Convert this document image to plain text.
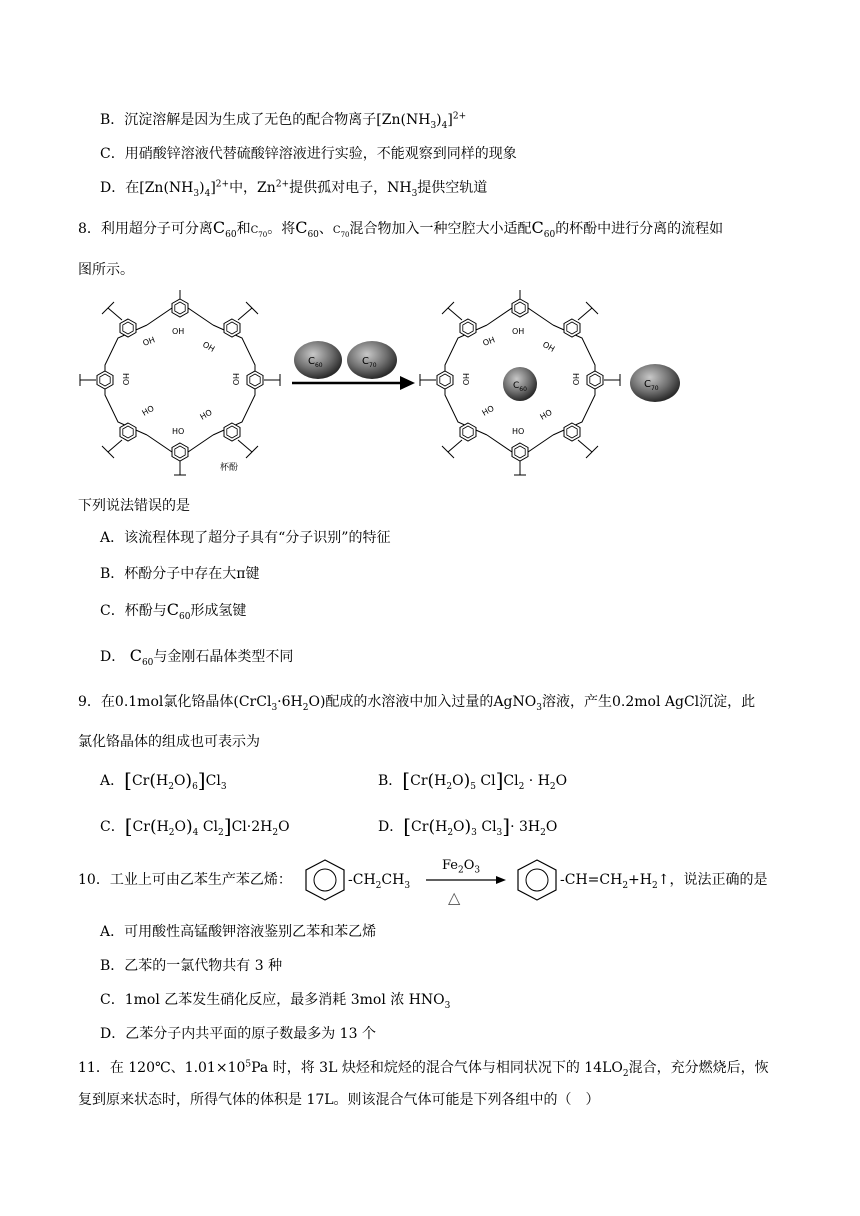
B．沉淀溶解是因为生成了无色的配合物离子$[Zn(NH_3)_4]^{2+}$
C．用硝酸锌溶液代替硫酸锌溶液进行实验，不能观察到同样的现象
D．在$[Zn(NH_3)_4]^{2+}$中，$Zn^{2+}$提供孤对电子，$NH_3$提供空轨道
8．利用超分子可分离$C_{60}$和$C_{70}$。将$C_{60}$、$C_{70}$混合物加入一种空腔大小适配$C_{60}$的杯酚中进行分离的流程如
图所示。
OH
OH	OH
HO	HO
HO	HO
HO
杯酚
$C_{60}$	$C_{70}$
OH
OH	OH
HO	HO
HO	HO
HO
$C_{60}$	$C_{70}$
下列说法错误的是
A．该流程体现了超分子具有“分子识别”的特征
B．杯酚分子中存在大π键
C．杯酚与$C_{60}$形成氢键
D． $C_{60}$与金刚石晶体类型不同
9．在0.1mol氯化铬晶体$(CrCl_3\cdot 6H_2O)$配成的水溶液中加入过量的AgNO$_3$溶液，产生0.2mol AgCl沉淀，此
氯化铬晶体的组成也可表示为
A．$[Cr(H_2O)_6]Cl_3$	B．[$Cr(H_2O)_5$ $Cl]Cl_2 \cdot H_2O$
C．[$Cr(H_2O)_4$ $Cl_2]Cl\cdot 2H_2O$	D．[$Cr(H_2O)_3$ $Cl_3]\cdot 3H_2O$
10．工业上可由乙苯生产苯乙烯：	$-CH_2CH_3$
$Fe_2O_3$
△
$-CH=CH_2+H_2↑$，说法正确的是
A．可用酸性高锰酸钾溶液鉴别乙苯和苯乙烯
B．乙苯的一氯代物共有 3 种
C．1mol 乙苯发生硝化反应，最多消耗 3mol 浓 $HNO_3$
D．乙苯分子内共平面的原子数最多为 13 个
11．在 120℃、$1.01\times 10^5Pa$ 时，将 3L 炔烃和烷烃的混合气体与相同状况下的 $14LO_2$混合，充分燃烧后，恢
复到原来状态时，所得气体的体积是 17L。则该混合气体可能是下列各组中的（　）
